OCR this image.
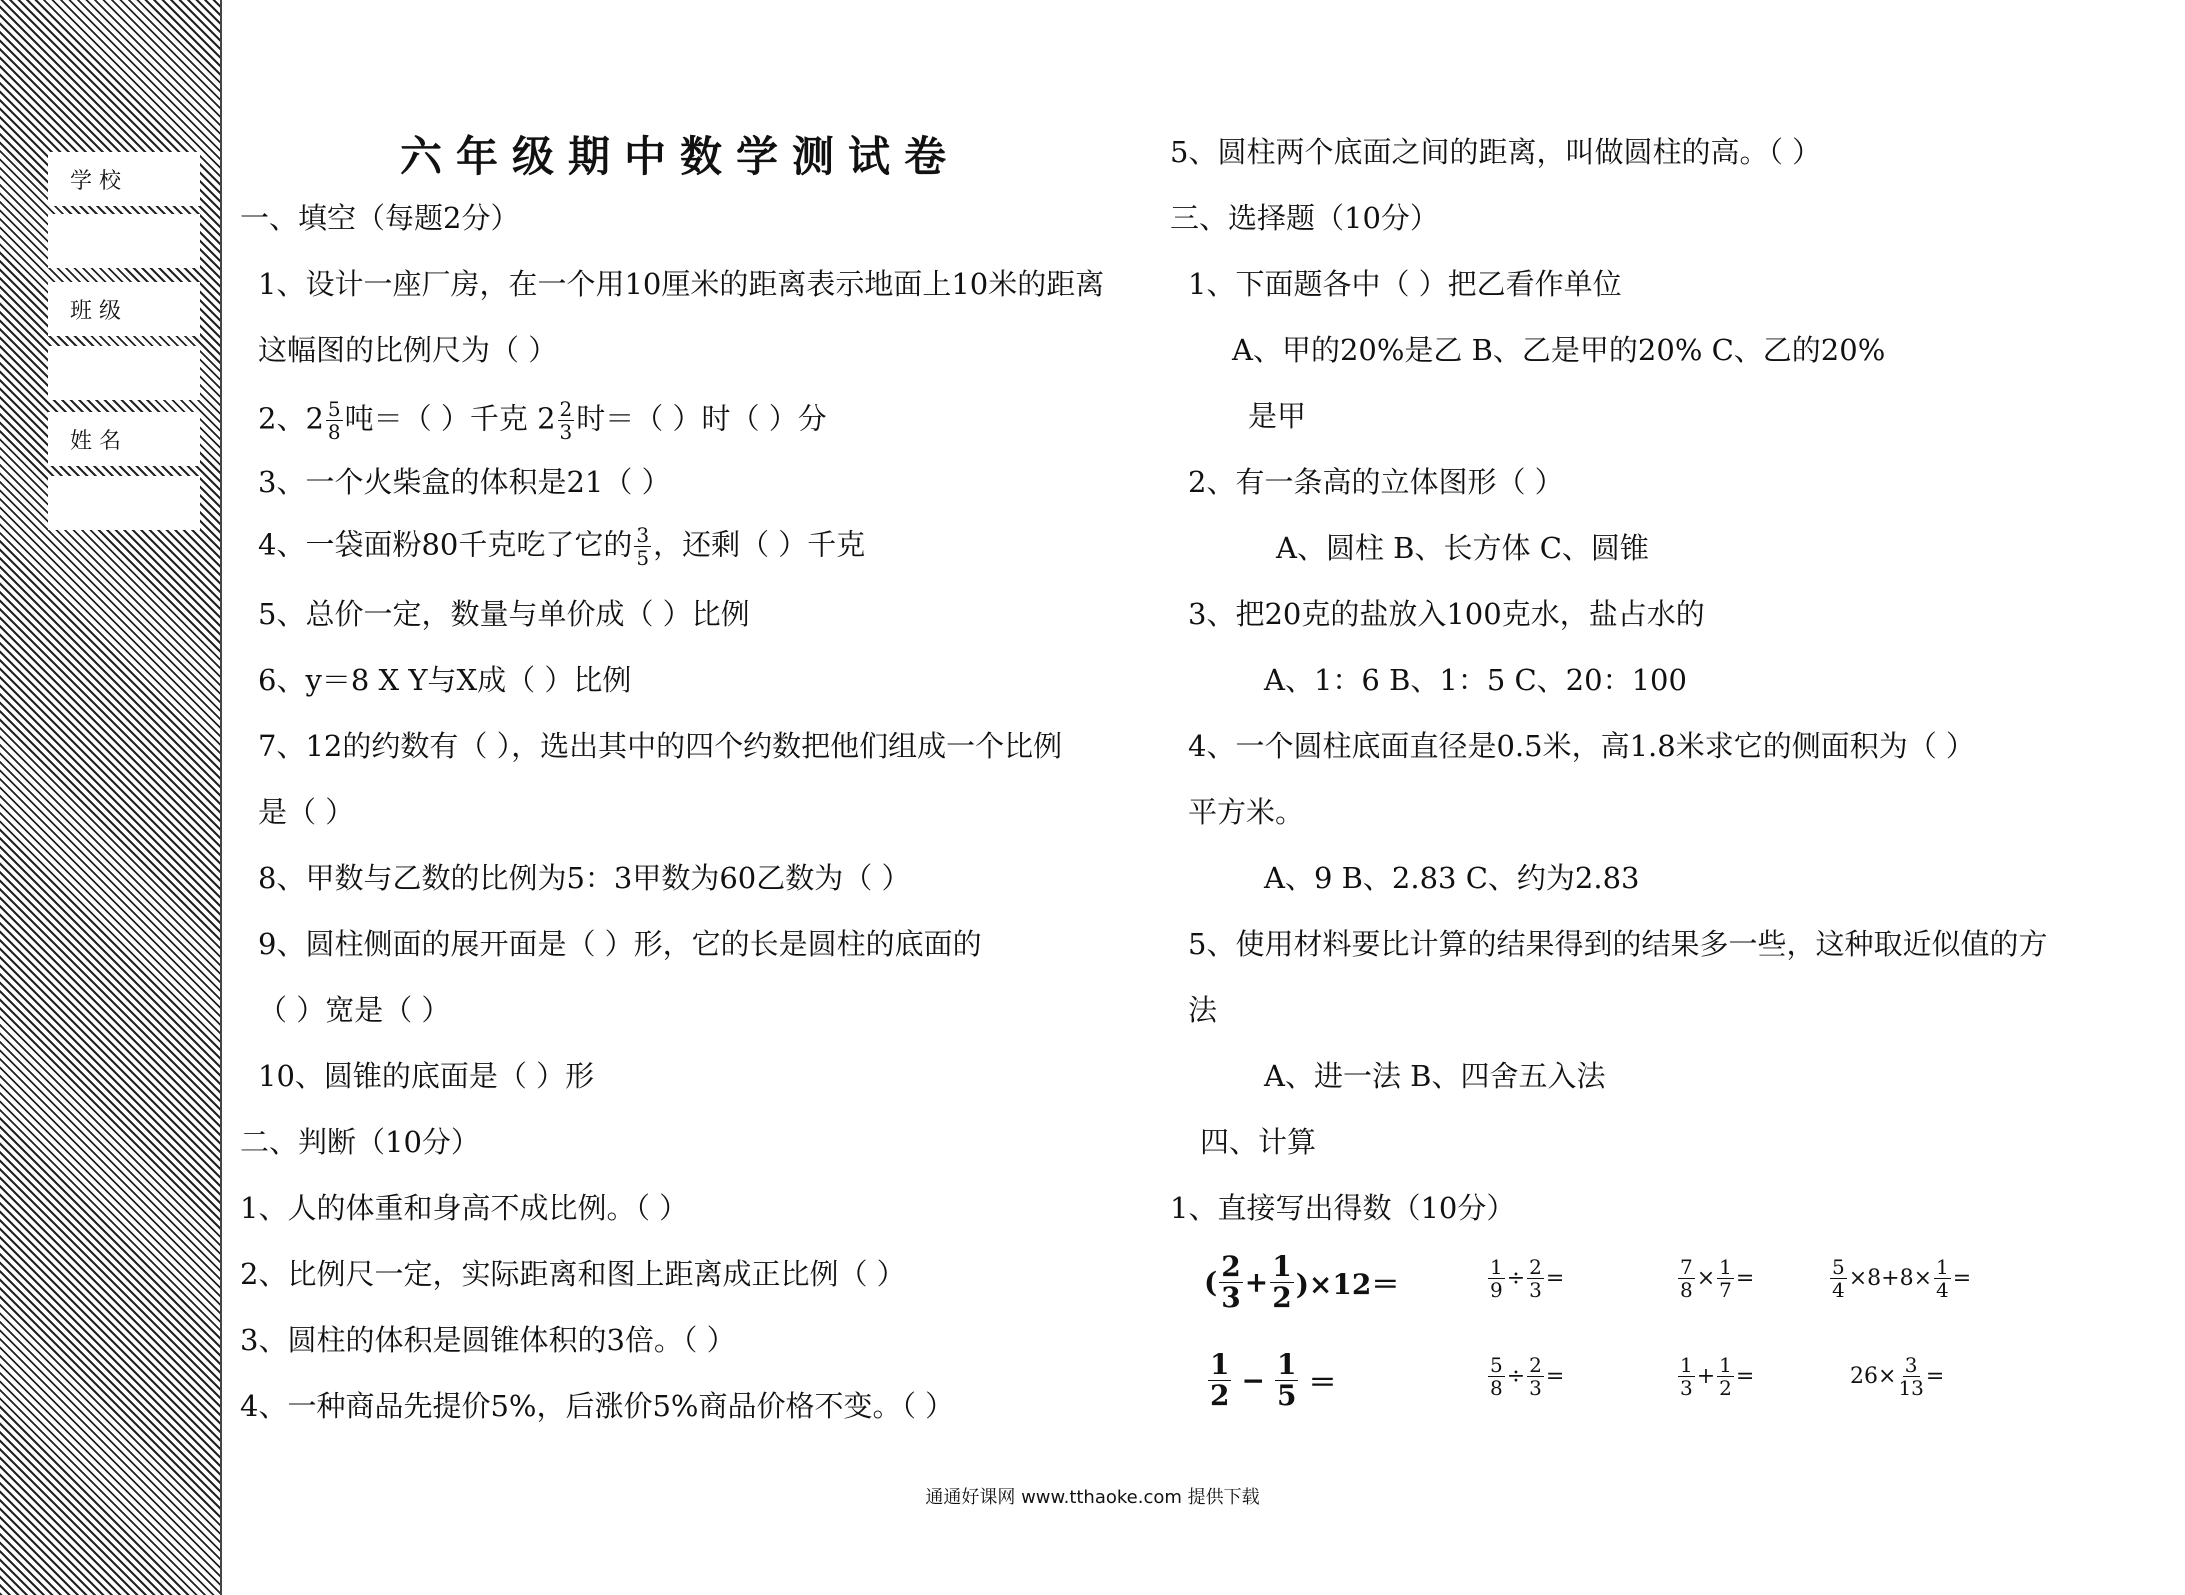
学 校
班 级
姓 名
六年级期中数学测试卷
一、填空（每题2分）
1、设计一座厂房，在一个用10厘米的距离表示地面上10米的距离
这幅图的比例尺为（ ）
2、$2 \frac{5}{8}$ 吨＝（ ）千克 $2 \frac{2}{3}$ 时＝（ ）时（ ）分
3、一个火柴盒的体积是21（ ）
4、一袋面粉80千克吃了它的 $\frac{3}{5}$ ，还剩（ ）千克
5、总价一定，数量与单价成（ ）比例
6、y＝8 X Y与X成（ ）比例
7、12的约数有（ ），选出其中的四个约数把他们组成一个比例
是（ ）
8、甲数与乙数的比例为5：3甲数为60乙数为（ ）
9、圆柱侧面的展开面是（ ）形，它的长是圆柱的底面的
（ ）宽是（ ）
10、圆锥的底面是（ ）形
二、判断（10分）
1、人的体重和身高不成比例。（ ）
2、比例尺一定，实际距离和图上距离成正比例（ ）
3、圆柱的体积是圆锥体积的3倍。（ ）
4、一种商品先提价5%，后涨价5%商品价格不变。（ ）
5、圆柱两个底面之间的距离，叫做圆柱的高。（ ）
三、选择题（10分）
1、下面题各中（ ）把乙看作单位
A、甲的20%是乙 B、乙是甲的20% C、乙的20%
是甲
2、有一条高的立体图形（ ）
A、圆柱 B、长方体 C、圆锥
3、把20克的盐放入100克水，盐占水的
A、1：6 B、1：5 C、20：100
4、一个圆柱底面直径是0.5米，高1.8米求它的侧面积为（ ）
平方米。
A、9 B、2.83 C、约为2.83
5、使用材料要比计算的结果得到的结果多一些，这种取近似值的方
法
A、进一法 B、四舍五入法
四、计算
1、直接写出得数（10分）
( $\frac{2}{3} + \frac{1}{2} )\times 12=$	$\frac{1}{9} \div \frac{2}{3}$ =	$\frac{7}{8} \times \frac{1}{7}$ =	$\frac{5}{4} \times 8+8\times \frac{1}{4}$ =
$\frac{1}{2} - \frac{1}{5}$ ＝	$\frac{5}{8} \div \frac{2}{3}$ =	$\frac{1}{3} + \frac{1}{2}$ =	$26\times \frac{3}{13}$ =
通通好课网 www.tthaoke.com 提供下载
